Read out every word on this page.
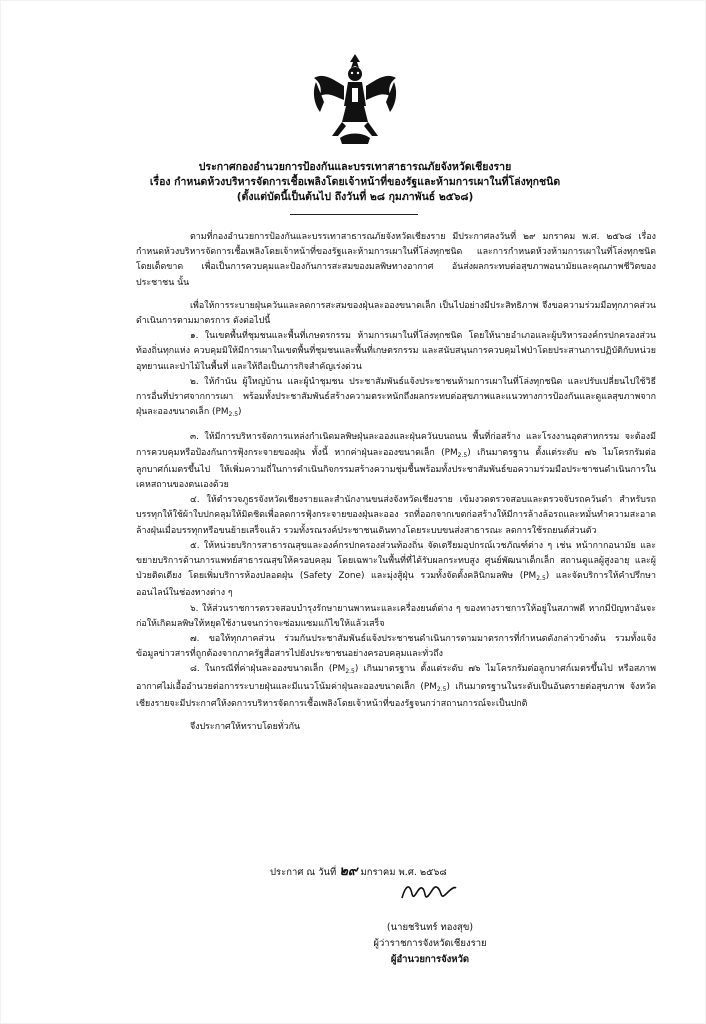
ประกาศกองอำนวยการป้องกันและบรรเทาสาธารณภัยจังหวัดเชียงราย
เรื่อง กำหนดห้วงบริหารจัดการเชื้อเพลิงโดยเจ้าหน้าที่ของรัฐและห้ามการเผาในที่โล่งทุกชนิด
(ตั้งแต่บัดนี้เป็นต้นไป ถึงวันที่ ๒๘ กุมภาพันธ์ ๒๕๖๘)

ตามที่กองอำนวยการป้องกันและบรรเทาสาธารณภัยจังหวัดเชียงราย มีประกาศลงวันที่ ๒๙ มกราคม พ.ศ. ๒๕๖๘ เรื่อง กำหนดห้วงบริหารจัดการเชื้อเพลิงโดยเจ้าหน้าที่ของรัฐและห้ามการเผาในที่โล่งทุกชนิด และการกำหนดห้วงห้ามการเผาในที่โล่งทุกชนิดโดยเด็ดขาด เพื่อเป็นการควบคุมและป้องกันการสะสมของมลพิษทางอากาศ อันส่งผลกระทบต่อสุขภาพอนามัยและคุณภาพชีวิตของประชาชน นั้น

เพื่อให้การระบายฝุ่นควันและลดการสะสมของฝุ่นละอองขนาดเล็ก เป็นไปอย่างมีประสิทธิภาพ จึงขอความร่วมมือทุกภาคส่วนดำเนินการตามมาตรการ ดังต่อไปนี้

๑. ในเขตพื้นที่ชุมชนและพื้นที่เกษตรกรรม ห้ามการเผาในที่โล่งทุกชนิด โดยให้นายอำเภอและผู้บริหารองค์กรปกครองส่วนท้องถิ่นทุกแห่ง ควบคุมมิให้มีการเผาในเขตพื้นที่ชุมชนและพื้นที่เกษตรกรรม และสนับสนุนการควบคุมไฟป่าโดยประสานการปฏิบัติกับหน่วยอุทยานและป่าไม้ในพื้นที่ และให้ถือเป็นภารกิจสำคัญเร่งด่วน

๒. ให้กำนัน ผู้ใหญ่บ้าน และผู้นำชุมชน ประชาสัมพันธ์แจ้งประชาชนห้ามการเผาในที่โล่งทุกชนิด และปรับเปลี่ยนไปใช้วิธีการอื่นที่ปราศจากการเผา พร้อมทั้งประชาสัมพันธ์สร้างความตระหนักถึงผลกระทบต่อสุขภาพและแนวทางการป้องกันและดูแลสุขภาพจากฝุ่นละอองขนาดเล็ก $(PM_{2.5})$

๓. ให้มีการบริหารจัดการแหล่งกำเนิดมลพิษฝุ่นละอองและฝุ่นควันบนถนน พื้นที่ก่อสร้าง และโรงงานอุตสาหกรรม จะต้องมีการควบคุมหรือป้องกันการฟุ้งกระจายของฝุ่น ทั้งนี้ หากค่าฝุ่นละอองขนาดเล็ก $(PM_{2.5})$ เกินมาตรฐาน ตั้งแต่ระดับ ๗๖ ไมโครกรัมต่อลูกบาศก์เมตรขึ้นไป ให้เพิ่มความถี่ในการดำเนินกิจกรรมสร้างความชุ่มชื้นพร้อมทั้งประชาสัมพันธ์ขอความร่วมมือประชาชนดำเนินการในเคหสถานของตนเองด้วย

๔. ให้ตำรวจภูธรจังหวัดเชียงรายและสำนักงานขนส่งจังหวัดเชียงราย เข้มงวดตรวจสอบและตรวจจับรถควันดำ สำหรับรถบรรทุกให้ใช้ผ้าใบปกคลุมให้มิดชิดเพื่อลดการฟุ้งกระจายของฝุ่นละออง รถที่ออกจากเขตก่อสร้างให้มีการล้างล้อรถและหมั่นทำความสะอาดล้างฝุ่นเมื่อบรรทุกหรือขนย้ายเสร็จแล้ว รวมทั้งรณรงค์ประชาชนเดินทางโดยระบบขนส่งสาธารณะ ลดการใช้รถยนต์ส่วนตัว

๕. ให้หน่วยบริการสาธารณสุขและองค์กรปกครองส่วนท้องถิ่น จัดเตรียมอุปกรณ์เวชภัณฑ์ต่าง ๆ เช่น หน้ากากอนามัย และขยายบริการด้านการแพทย์สาธารณสุขให้ครอบคลุม โดยเฉพาะในพื้นที่ที่ได้รับผลกระทบสูง ศูนย์พัฒนาเด็กเล็ก สถานดูแลผู้สูงอายุ และผู้ป่วยติดเตียง โดยเพิ่มบริการห้องปลอดฝุ่น (Safety Zone) และมุ่งสู้ฝุ่น รวมทั้งจัดตั้งคลินิกมลพิษ $(PM_{2.5})$ และจัดบริการให้คำปรึกษาออนไลน์ในช่องทางต่าง ๆ

๖. ให้ส่วนราชการตรวจสอบบำรุงรักษายานพาหนะและเครื่องยนต์ต่าง ๆ ของทางราชการให้อยู่ในสภาพดี หากมีปัญหาอันจะก่อให้เกิดมลพิษให้หยุดใช้งานจนกว่าจะซ่อมแซมแก้ไขให้แล้วเสร็จ

๗. ขอให้ทุกภาคส่วน ร่วมกันประชาสัมพันธ์แจ้งประชาชนดำเนินการตามมาตรการที่กำหนดดังกล่าวข้างต้น รวมทั้งแจ้งข้อมูลข่าวสารที่ถูกต้องจากภาครัฐสื่อสารไปยังประชาชนอย่างครอบคลุมและทั่วถึง

๘. ในกรณีที่ค่าฝุ่นละอองขนาดเล็ก $(PM_{2.5})$ เกินมาตรฐาน ตั้งแต่ระดับ ๗๖ ไมโครกรัมต่อลูกบาศก์เมตรขึ้นไป หรือสภาพอากาศไม่เอื้ออำนวยต่อการระบายฝุ่นและมีแนวโน้มค่าฝุ่นละอองขนาดเล็ก $(PM_{2.5})$ เกินมาตรฐานในระดับเป็นอันตรายต่อสุขภาพ จังหวัดเชียงรายจะมีประกาศให้งดการบริหารจัดการเชื้อเพลิงโดยเจ้าหน้าที่ของรัฐจนกว่าสถานการณ์จะเป็นปกติ

จึงประกาศให้ทราบโดยทั่วกัน

ประกาศ ณ วันที่ ๒๙ มกราคม พ.ศ. ๒๕๖๘
(นายชรินทร์ ทองสุข)
ผู้ว่าราชการจังหวัดเชียงราย
ผู้อำนวยการจังหวัด
